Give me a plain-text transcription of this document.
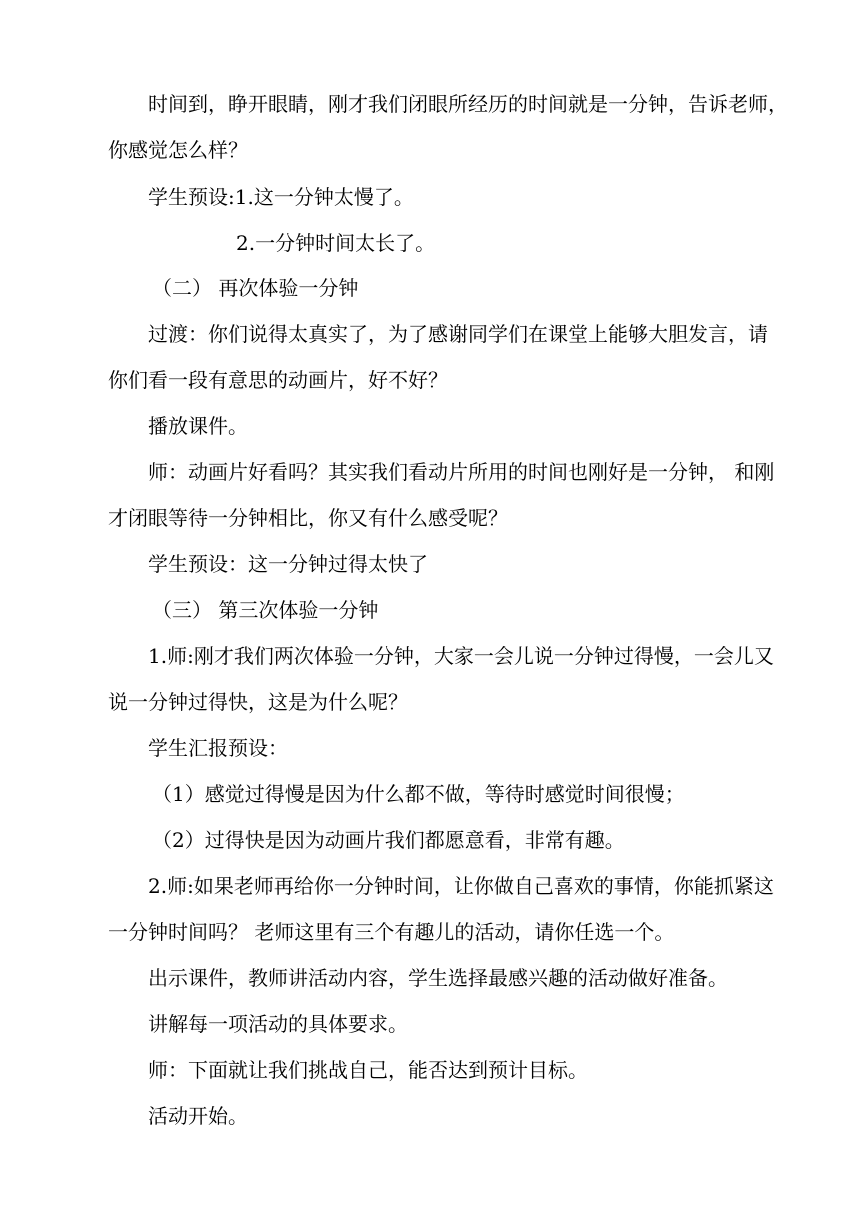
时间到，睁开眼睛，刚才我们闭眼所经历的时间就是一分钟，告诉老师，
你感觉怎么样？
学生预设:1.这一分钟太慢了。
2.一分钟时间太长了。
（二） 再次体验一分钟
过渡：你们说得太真实了，为了感谢同学们在课堂上能够大胆发言，请
你们看一段有意思的动画片，好不好？
播放课件。
师：动画片好看吗？其实我们看动片所用的时间也刚好是一分钟， 和刚
才闭眼等待一分钟相比，你又有什么感受呢？
学生预设：这一分钟过得太快了
（三） 第三次体验一分钟
1.师:刚才我们两次体验一分钟，大家一会儿说一分钟过得慢，一会儿又
说一分钟过得快，这是为什么呢？
学生汇报预设：
（1）感觉过得慢是因为什么都不做，等待时感觉时间很慢；
（2）过得快是因为动画片我们都愿意看，非常有趣。
2.师:如果老师再给你一分钟时间，让你做自己喜欢的事情，你能抓紧这
一分钟时间吗？ 老师这里有三个有趣儿的活动，请你任选一个。
出示课件，教师讲活动内容，学生选择最感兴趣的活动做好准备。
讲解每一项活动的具体要求。
师：下面就让我们挑战自己，能否达到预计目标。
活动开始。
